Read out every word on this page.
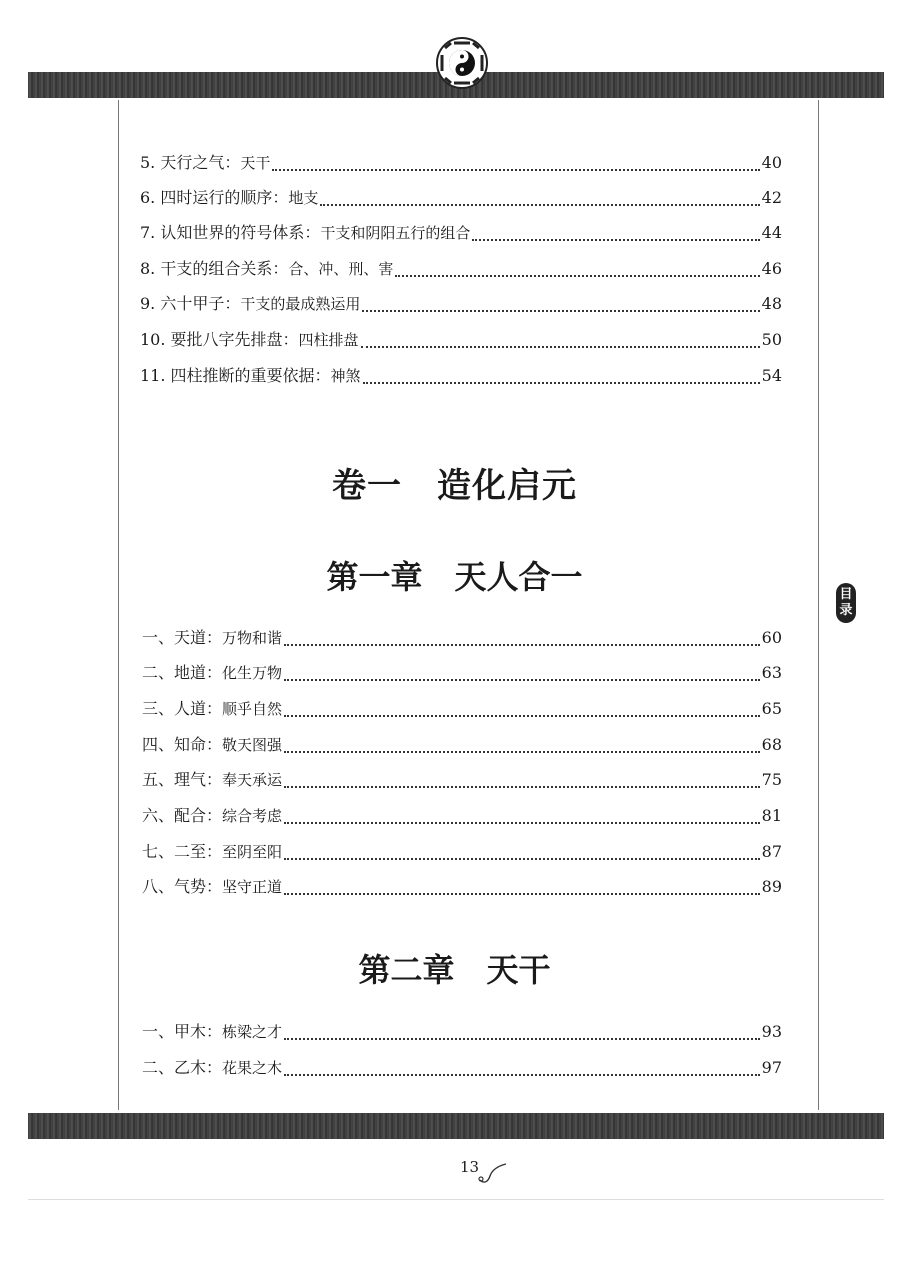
5. 天行之气：天干	40
6. 四时运行的顺序：地支	42
7. 认知世界的符号体系：干支和阴阳五行的组合	44
8. 干支的组合关系：合、冲、刑、害	46
9. 六十甲子：干支的最成熟运用	48
10. 要批八字先排盘：四柱排盘	50
11. 四柱推断的重要依据：神煞	54
卷一　造化启元
第一章　天人合一
一、天道：万物和谐	60
二、地道：化生万物	63
三、人道：顺乎自然	65
四、知命：敬天图强	68
五、理气：奉天承运	75
六、配合：综合考虑	81
七、二至：至阴至阳	87
八、气势：坚守正道	89
第二章　天干
一、甲木：栋梁之才	93
二、乙木：花果之木	97
目
录
13
